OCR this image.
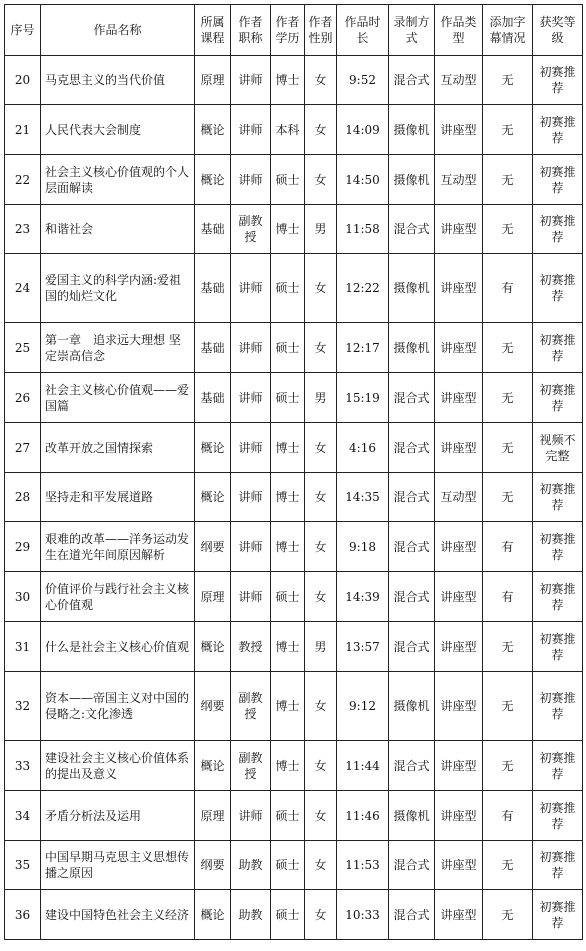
序号	作品名称	所属课程	作者职称	作者学历	作者性别	作品时长	录制方式	作品类型	添加字幕情况	获奖等级
20	马克思主义的当代价值	原理	讲师	博士	女	9:52	混合式	互动型	无	初赛推荐
21	人民代表大会制度	概论	讲师	本科	女	14:09	摄像机	讲座型	无	初赛推荐
22	社会主义核心价值观的个人层面解读	概论	讲师	硕士	女	14:50	摄像机	互动型	无	初赛推荐
23	和谐社会	基础	副教授	博士	男	11:58	混合式	讲座型	无	初赛推荐
24	爱国主义的科学内涵:爱祖国的灿烂文化	基础	讲师	硕士	女	12:22	摄像机	讲座型	有	初赛推荐
25	第一章　追求远大理想 坚定崇高信念	基础	讲师	硕士	女	12:17	摄像机	讲座型	无	初赛推荐
26	社会主义核心价值观——爱国篇	基础	讲师	硕士	男	15:19	混合式	讲座型	无	初赛推荐
27	改革开放之国情探索	概论	讲师	博士	女	4:16	混合式	讲座型	无	视频不完整
28	坚持走和平发展道路	概论	讲师	博士	女	14:35	混合式	互动型	无	初赛推荐
29	艰难的改革——洋务运动发生在道光年间原因解析	纲要	讲师	博士	女	9:18	混合式	讲座型	有	初赛推荐
30	价值评价与践行社会主义核心价值观	原理	讲师	硕士	女	14:39	混合式	讲座型	有	初赛推荐
31	什么是社会主义核心价值观	概论	教授	博士	男	13:57	混合式	讲座型	无	初赛推荐
32	资本——帝国主义对中国的侵略之:文化渗透	纲要	副教授	博士	女	9:12	摄像机	讲座型	无	初赛推荐
33	建设社会主义核心价值体系的提出及意义	概论	副教授	博士	女	11:44	混合式	讲座型	无	初赛推荐
34	矛盾分析法及运用	原理	讲师	硕士	女	11:46	摄像机	讲座型	有	初赛推荐
35	中国早期马克思主义思想传播之原因	纲要	助教	硕士	女	11:53	混合式	讲座型	无	初赛推荐
36	建设中国特色社会主义经济	概论	助教	硕士	女	10:33	混合式	讲座型	无	初赛推荐
